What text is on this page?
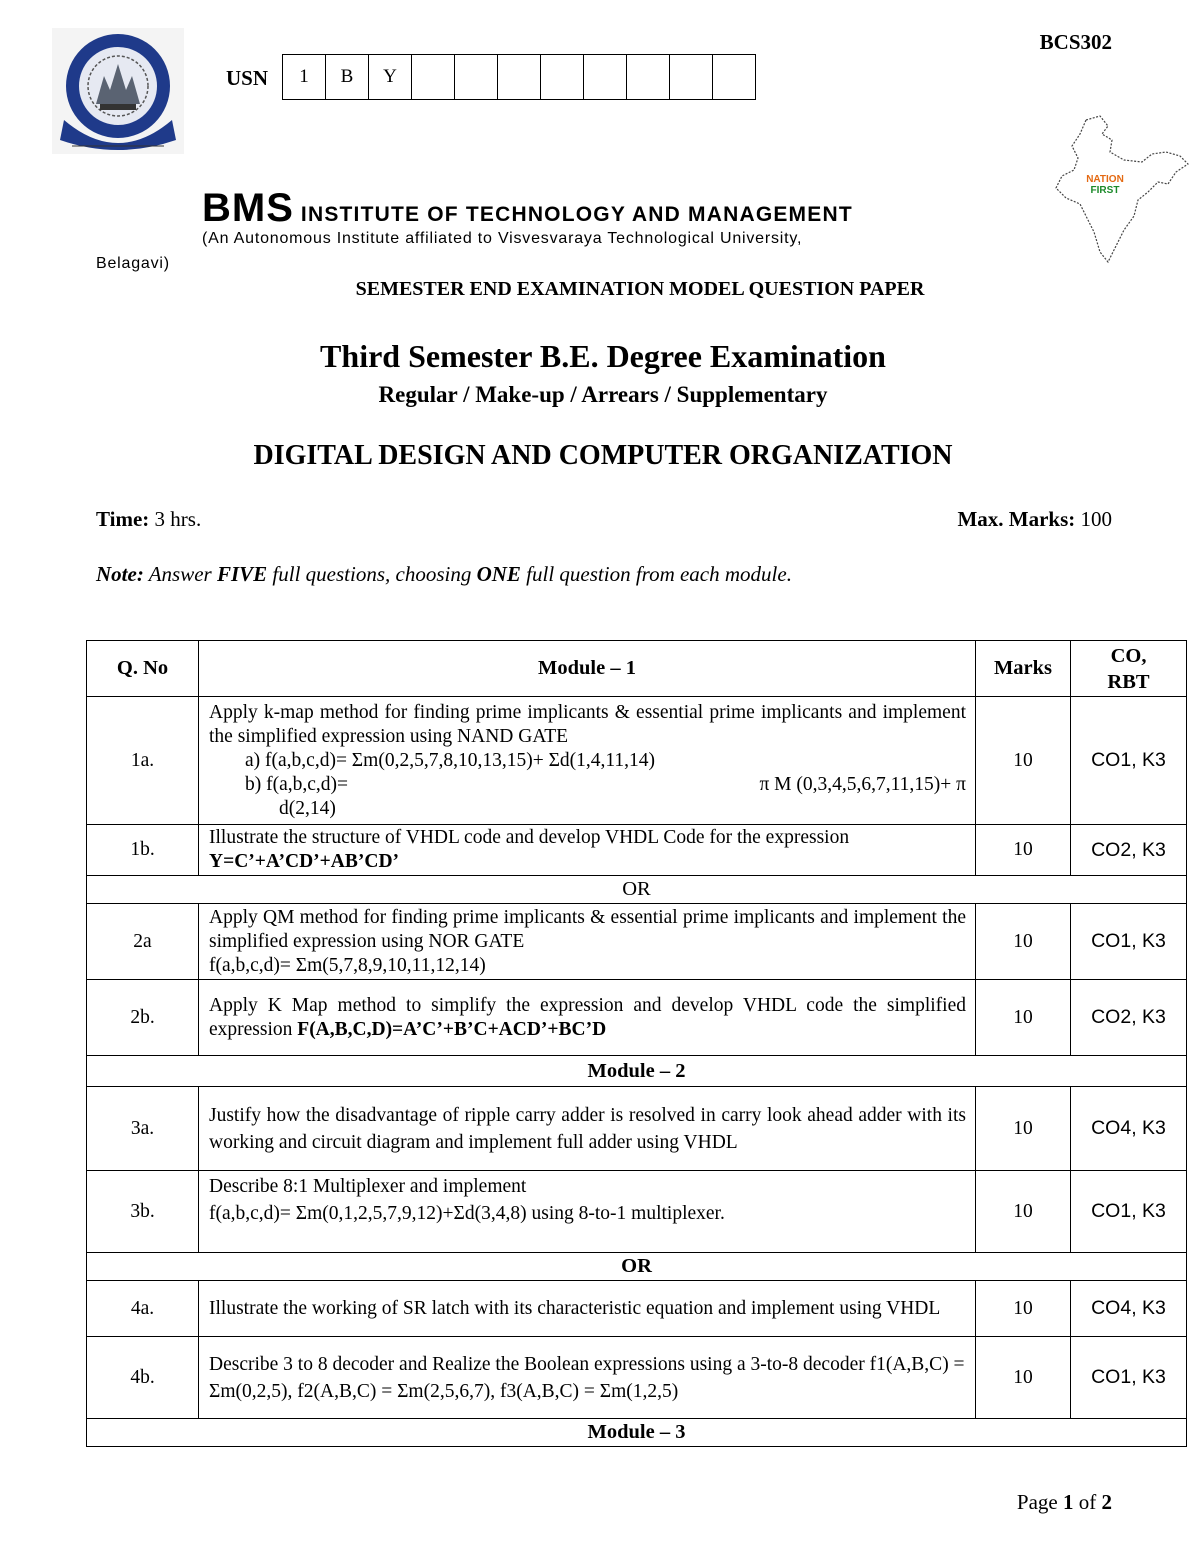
USN 1	B	Y								
BCS302
NATION
FIRST
BMS INSTITUTE OF TECHNOLOGY AND MANAGEMENT
(An Autonomous Institute affiliated to Visvesvaraya Technological University,
Belagavi)
SEMESTER END EXAMINATION MODEL QUESTION PAPER
Third Semester B.E. Degree Examination
Regular / Make-up / Arrears / Supplementary
DIGITAL DESIGN AND COMPUTER ORGANIZATION
Time: 3 hrs.	Max. Marks: 100
Note: Answer FIVE full questions, choosing ONE full question from each module.
Q. No	Module – 1	Marks	CO,
RBT
1a.	Apply k-map method for finding prime implicants & essential prime implicants and implement the simplified expression using NAND GATE
a) f(a,b,c,d)= Σm(0,2,5,7,8,10,13,15)+ Σd(1,4,11,14)
b) f(a,b,c,d)= π M (0,3,4,5,6,7,11,15)+ π
d(2,14)	10	CO1, K3
1b.	Illustrate the structure of VHDL code and develop VHDL Code for the expression
Y=C’+A’CD’+AB’CD’	10	CO2, K3
OR			
2a	Apply QM method for finding prime implicants & essential prime implicants and implement the simplified expression using NOR GATE
f(a,b,c,d)= Σm(5,7,8,9,10,11,12,14)	10	CO1, K3
2b.	Apply K Map method to simplify the expression and develop VHDL code the simplified expression F(A,B,C,D)=A’C’+B’C+ACD’+BC’D	10	CO2, K3
Module – 2			
3a.	Justify how the disadvantage of ripple carry adder is resolved in carry look ahead adder with its working and circuit diagram and implement full adder using VHDL	10	CO4, K3
3b.	Describe 8:1 Multiplexer and implement
f(a,b,c,d)= Σm(0,1,2,5,7,9,12)+Σd(3,4,8) using 8-to-1 multiplexer.	10	CO1, K3
OR			
4a.	Illustrate the working of SR latch with its characteristic equation and implement using VHDL	10	CO4, K3
4b.	Describe 3 to 8 decoder and Realize the Boolean expressions using a 3-to-8 decoder f1(A,B,C) = Σm(0,2,5), f2(A,B,C) = Σm(2,5,6,7), f3(A,B,C) = Σm(1,2,5)	10	CO1, K3
Module – 3			
Page 1 of 2
